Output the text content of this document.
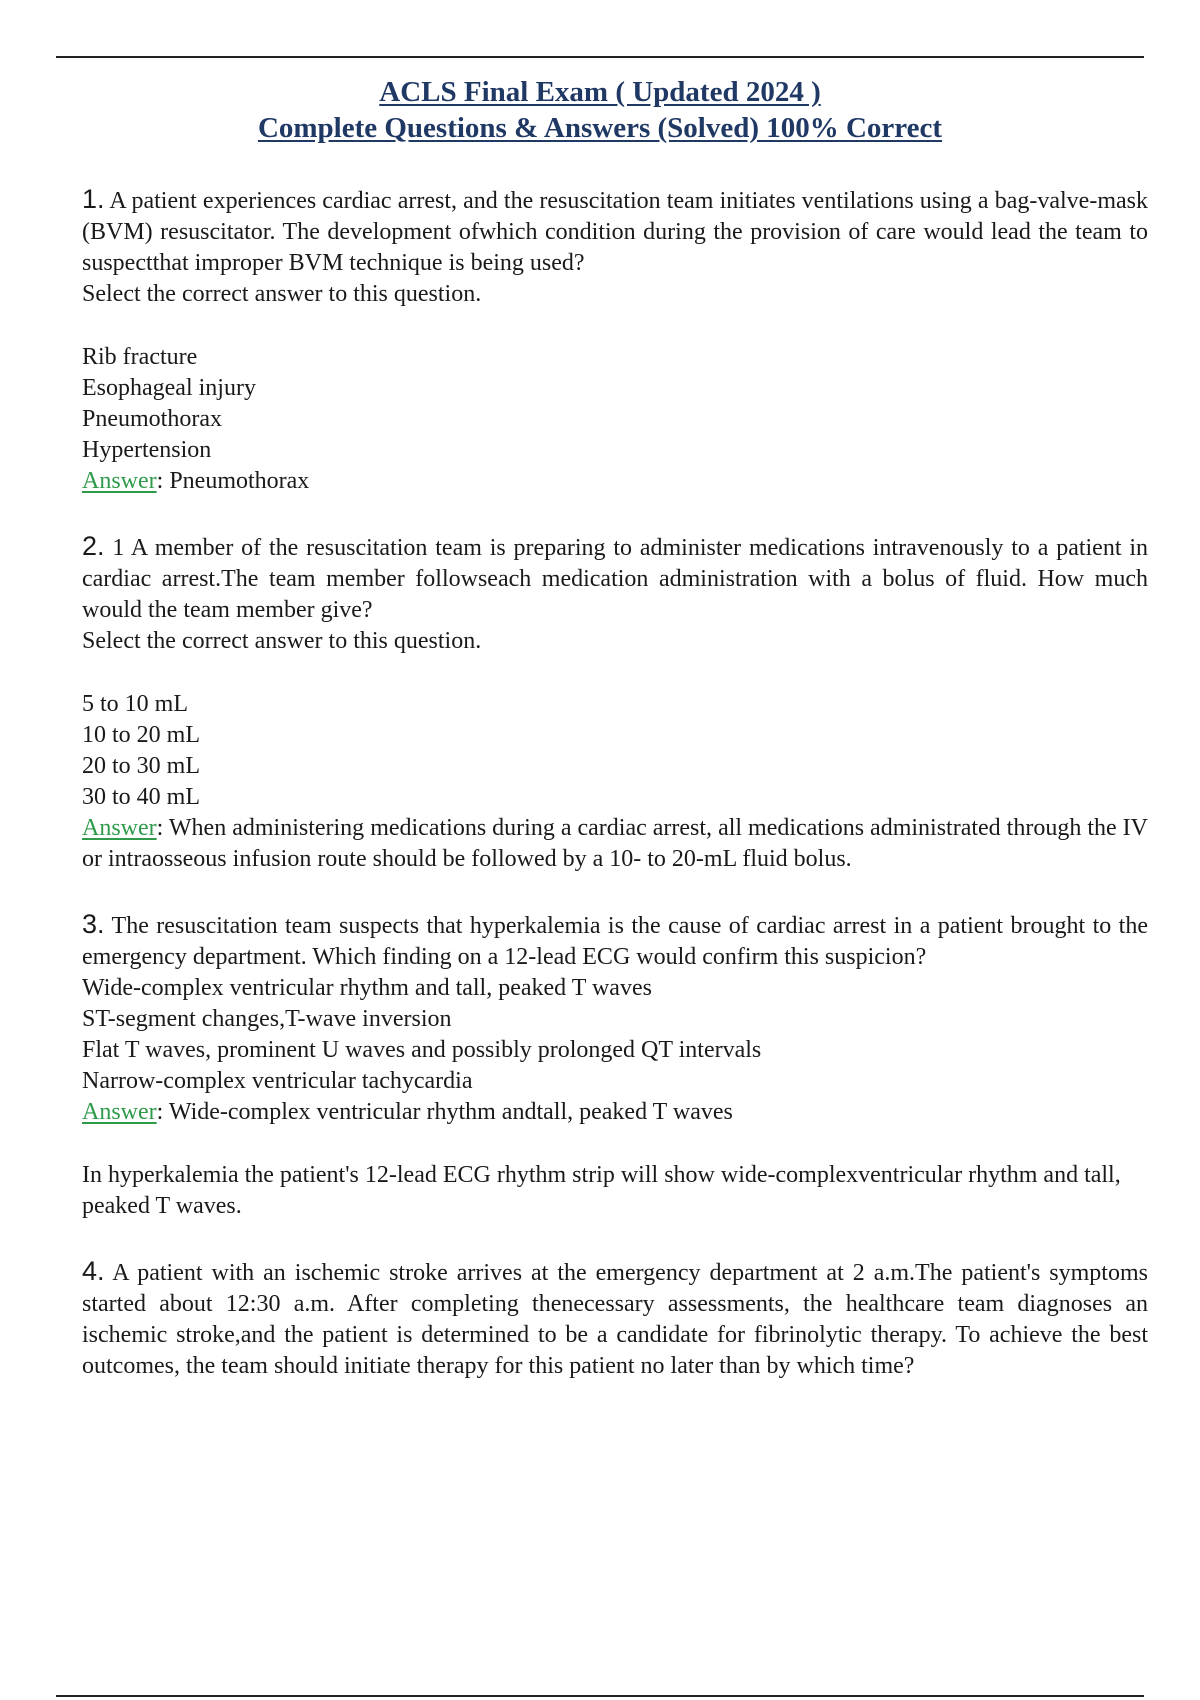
ACLS Final Exam ( Updated 2024 )
Complete Questions & Answers (Solved) 100% Correct

1. A patient experiences cardiac arrest, and the resuscitation team initiates ventilations using a bag-valve-mask (BVM) resuscitator. The development ofwhich condition during the provision of care would lead the team to suspectthat improper BVM technique is being used?

Select the correct answer to this question.

Rib fracture

Esophageal injury

Pneumothorax

Hypertension

Answer: Pneumothorax

2. 1 A member of the resuscitation team is preparing to administer medications intravenously to a patient in cardiac arrest.The team member followseach medication administration with a bolus of fluid. How much would the team member give?

Select the correct answer to this question.

5 to 10 mL

10 to 20 mL

20 to 30 mL

30 to 40 mL

Answer: When administering medications during a cardiac arrest, all medications administrated through the IV or intraosseous infusion route should be followed by a 10- to 20-mL fluid bolus.

3. The resuscitation team suspects that hyperkalemia is the cause of cardiac arrest in a patient brought to the emergency department. Which finding on a 12-lead ECG would confirm this suspicion?

Wide-complex ventricular rhythm and tall, peaked T waves

ST-segment changes,T-wave inversion

Flat T waves, prominent U waves and possibly prolonged QT intervals

Narrow-complex ventricular tachycardia

Answer: Wide-complex ventricular rhythm andtall, peaked T waves

In hyperkalemia the patient's 12-lead ECG rhythm strip will show wide-complexventricular rhythm and tall, peaked T waves.

4. A patient with an ischemic stroke arrives at the emergency department at 2 a.m.The patient's symptoms started about 12:30 a.m. After completing thenecessary assessments, the healthcare team diagnoses an ischemic stroke,and the patient is determined to be a candidate for fibrinolytic therapy. To achieve the best outcomes, the team should initiate therapy for this patient no later than by which time?
